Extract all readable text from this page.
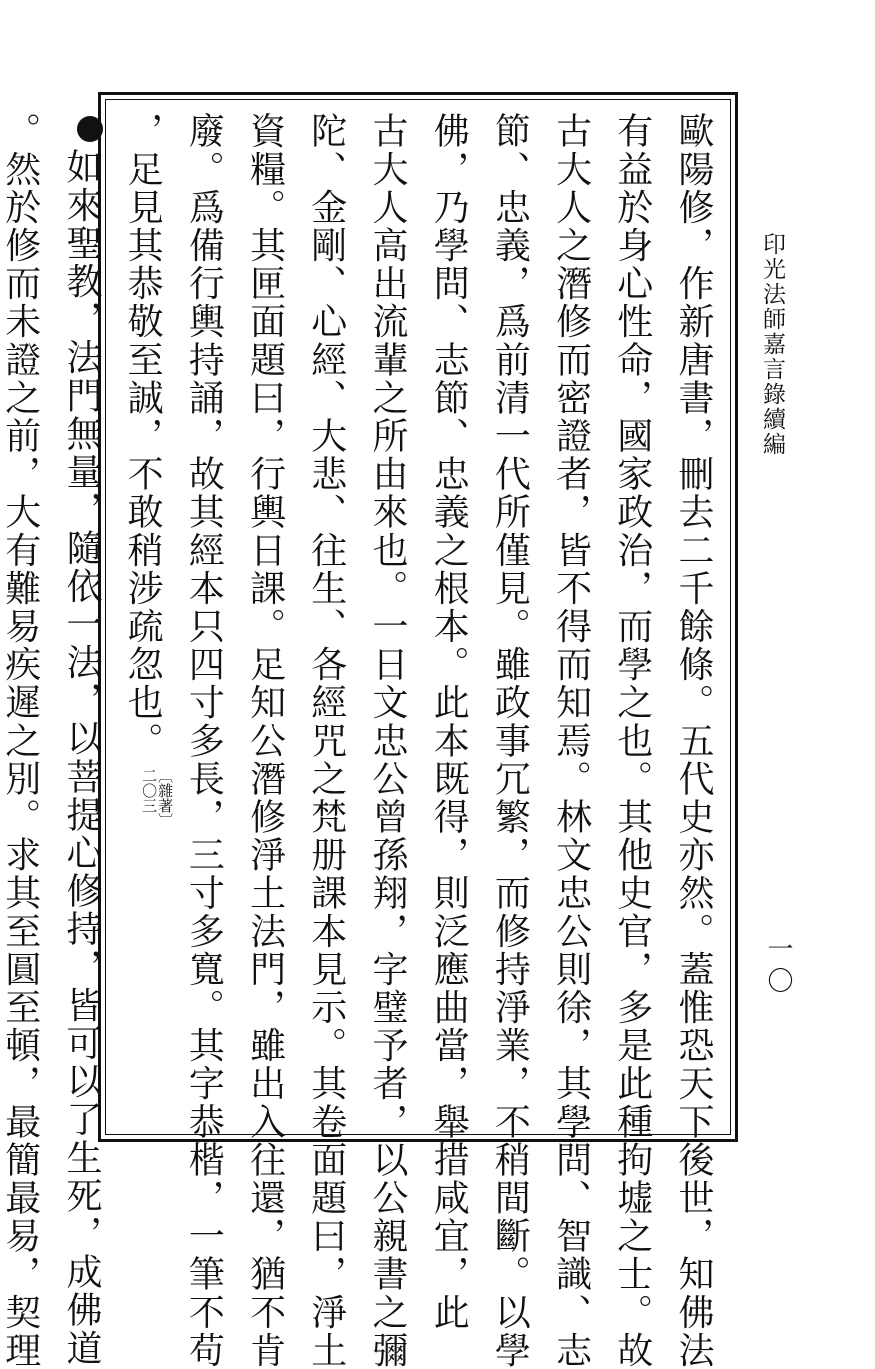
印光法師嘉言錄續編

歐陽修，作新唐書，刪去二千餘條。五代史亦然。蓋惟恐天下後世，知佛法

有益於身心性命，國家政治，而學之也。其他史官，多是此種拘墟之士。故

古大人之潛修而密證者，皆不得而知焉。林文忠公則徐，其學問、智識、志

節、忠義，爲前清一代所僅見。雖政事冗繁，而修持淨業，不稍間斷。以學

佛，乃學問、志節、忠義之根本。此本既得，則泛應曲當，舉措咸宜，此

古大人高出流輩之所由來也。一日文忠公曾孫翔，字璧予者，以公親書之彌

陀、金剛、心經、大悲、往生、各經咒之梵册課本見示。其卷面題曰，淨土

資糧。其匣面題曰，行輿日課。足知公潛修淨土法門，雖出入往還，猶不肯

廢。爲備行輿持誦，故其經本只四寸多長，三寸多寬。其字恭楷，一筆不苟

，足見其恭敬至誠，不敢稍涉疏忽也。〔雜著〕
二〇三

如來聖教，法門無量，隨依一法，以菩提心修持，皆可以了生死，成佛道

。然於修而未證之前，大有難易疾遲之別。求其至圓至頓，最簡最易，契理	一〇
